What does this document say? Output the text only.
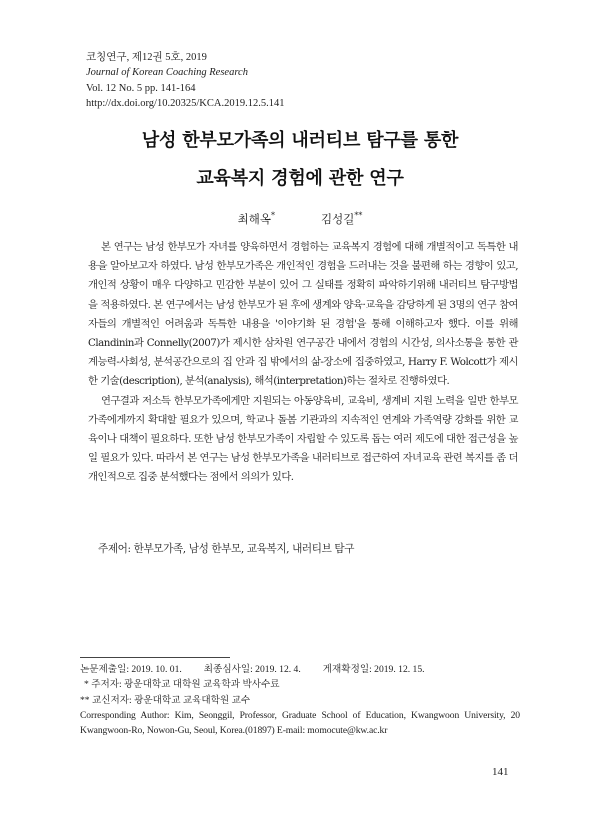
코칭연구, 제12권 5호, 2019
Journal of Korean Coaching Research
Vol. 12 No. 5 pp. 141-164
http://dx.doi.org/10.20325/KCA.2019.12.5.141
남성 한부모가족의 내러티브 탐구를 통한
교육복지 경험에 관한 연구
최해옥*	김성길**

본 연구는 남성 한부모가 자녀를 양육하면서 경험하는 교육복지 경험에 대해 개별적이고 독특한 내용을 알아보고자 하였다. 남성 한부모가족은 개인적인 경험을 드러내는 것을 불편해 하는 경향이 있고, 개인적 상황이 매우 다양하고 민감한 부분이 있어 그 실태를 정확히 파악하기위해 내러티브 탐구방법을 적용하였다. 본 연구에서는 남성 한부모가 된 후에 생계와 양육·교육을 감당하게 된 3명의 연구 참여자들의 개별적인 어려움과 독특한 내용을 '이야기화 된 경험'을 통해 이해하고자 했다. 이를 위해 Clandinin과 Connelly(2007)가 제시한 삼차원 연구공간 내에서 경험의 시간성, 의사소통을 통한 관계능력-사회성, 분석공간으로의 집 안과 집 밖에서의 삶-장소에 집중하였고, Harry F. Wolcott가 제시한 기술(description), 분석(analysis), 해석(interpretation)하는 절차로 진행하였다.

연구결과 저소득 한부모가족에게만 지원되는 아동양육비, 교육비, 생계비 지원 노력을 일반 한부모가족에게까지 확대할 필요가 있으며, 학교나 돌봄 기관과의 지속적인 연계와 가족역량 강화를 위한 교육이나 대책이 필요하다. 또한 남성 한부모가족이 자립할 수 있도록 돕는 여러 제도에 대한 접근성을 높일 필요가 있다. 따라서 본 연구는 남성 한부모가족을 내러티브로 접근하여 자녀교육 관련 복지를 좀 더 개인적으로 집중 분석했다는 점에서 의의가 있다.

주제어: 한부모가족, 남성 한부모, 교육복지, 내러티브 탐구
논문제출일: 2019. 10. 01. 최종심사일: 2019. 12. 4. 게재확정일: 2019. 12. 15.
* 주저자: 광운대학교 대학원 교육학과 박사수료
** 교신저자: 광운대학교 교육대학원 교수
Corresponding Author: Kim, Seonggil, Professor, Graduate School of Education, Kwangwoon University, 20 Kwangwoon-Ro, Nowon-Gu, Seoul, Korea.(01897) E-mail: momocute@kw.ac.kr
141
